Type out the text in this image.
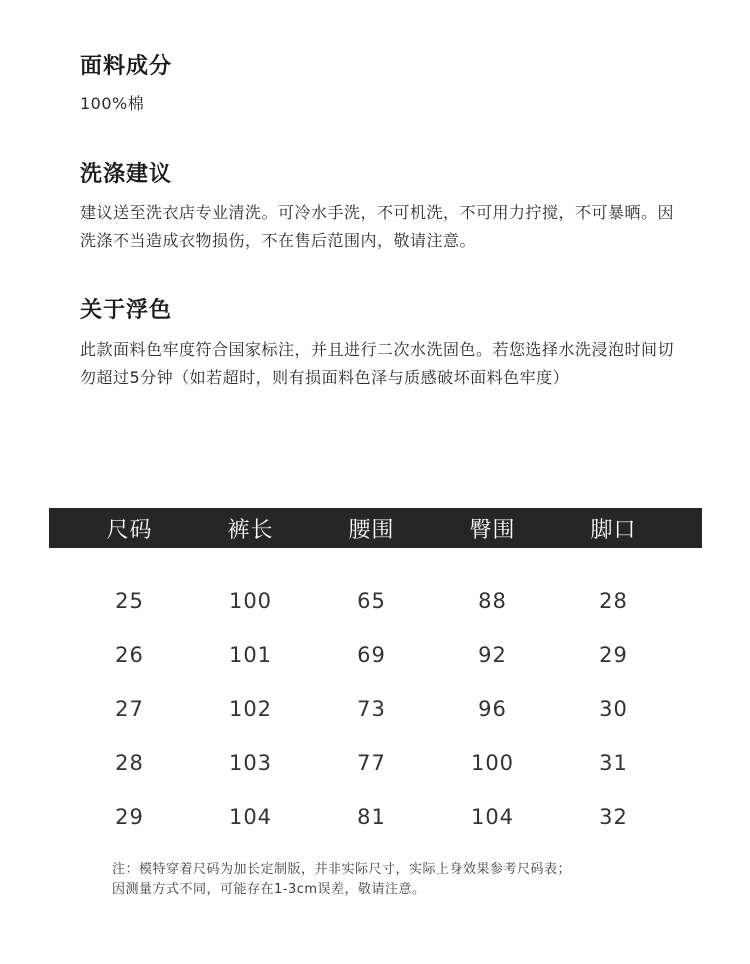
面料成分
100%棉
洗涤建议
建议送至洗衣店专业清洗。可冷水手洗，不可机洗，不可用力拧搅，不可暴晒。因洗涤不当造成衣物损伤，不在售后范围内，敬请注意。
关于浮色
此款面料色牢度符合国家标注，并且进行二次水洗固色。若您选择水洗浸泡时间切勿超过5分钟（如若超时，则有损面料色泽与质感破坏面料色牢度）
尺码	裤长	腰围	臀围	脚口
25	100	65	88	28
26	101	69	92	29
27	102	73	96	30
28	103	77	100	31
29	104	81	104	32
注：模特穿着尺码为加长定制版，并非实际尺寸，实际上身效果参考尺码表；
因测量方式不同，可能存在1-3cm误差，敬请注意。
